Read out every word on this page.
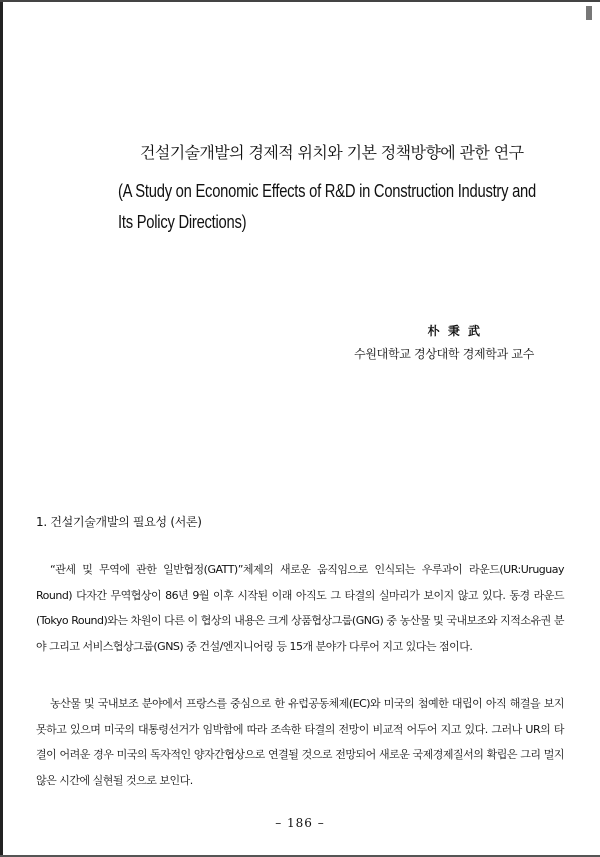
건설기술개발의 경제적 위치와 기본 정책방향에 관한 연구
(A Study on Economic Effects of R&D in Construction Industry and Its Policy Directions)
朴 秉 武
수원대학교 경상대학 경제학과 교수
1. 건설기술개발의 필요성 (서론)

“관세 및 무역에 관한 일반협정(GATT)”체제의 새로운 움직임으로 인식되는 우루과이 라운드(UR:Uruguay Round) 다자간 무역협상이 86년 9월 이후 시작된 이래 아직도 그 타결의 실마리가 보이지 않고 있다. 동경 라운드(Tokyo Round)와는 차원이 다른 이 협상의 내용은 크게 상품협상그룹(GNG) 중 농산물 및 국내보조와 지적소유권 분야 그리고 서비스협상그룹(GNS) 중 건설/엔지니어링 등 15개 분야가 다루어 지고 있다는 점이다.

농산물 및 국내보조 분야에서 프랑스를 중심으로 한 유럽공동체제(EC)와 미국의 첨예한 대립이 아직 해결을 보지 못하고 있으며 미국의 대통령선거가 임박함에 따라 조속한 타결의 전망이 비교적 어두어 지고 있다. 그러나 UR의 타결이 어려운 경우 미국의 독자적인 양자간협상으로 연결될 것으로 전망되어 새로운 국제경제질서의 확립은 그리 멀지 않은 시간에 실현될 것으로 보인다.

– 186 –
